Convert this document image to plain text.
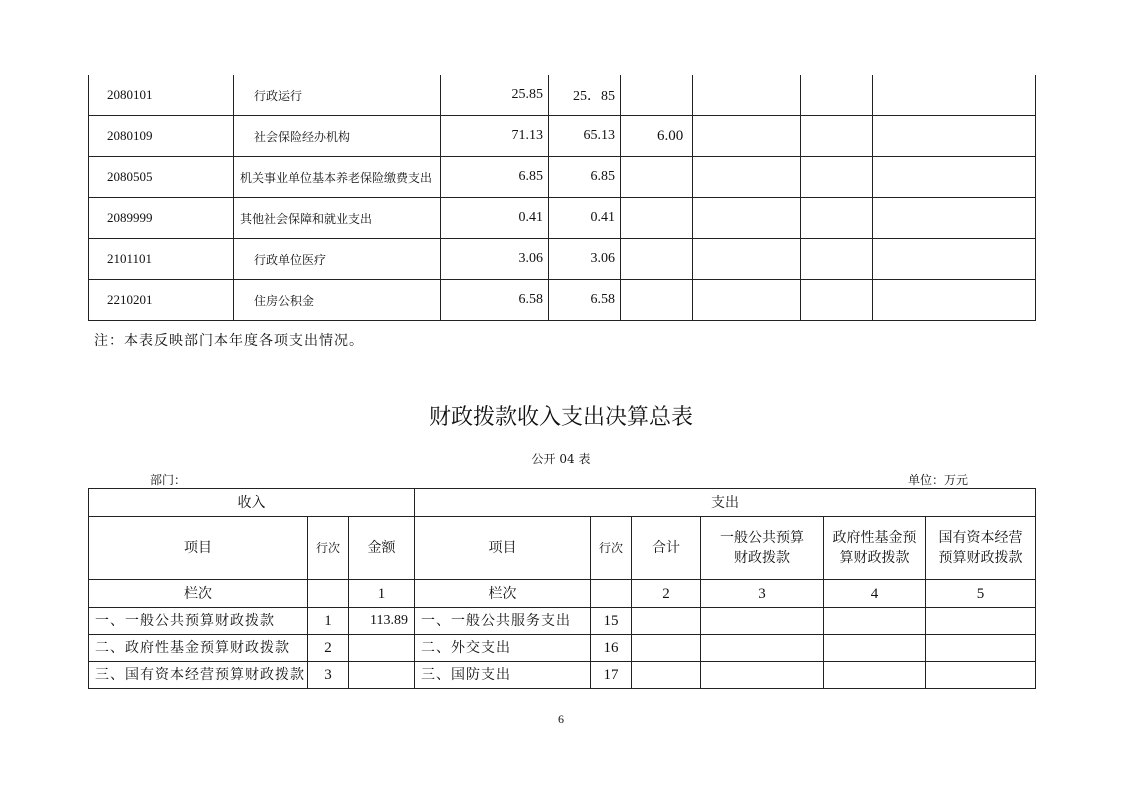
2080101	行政运行	25.85	25．85				
2080109	社会保险经办机构	71.13	65.13	6.00			
2080505	机关事业单位基本养老保险缴费支出	6.85	6.85				
2089999	其他社会保障和就业支出	0.41	0.41				
2101101	行政单位医疗	3.06	3.06				
2210201	住房公积金	6.58	6.58				
注：本表反映部门本年度各项支出情况。
财政拨款收入支出决算总表
公开 04 表
部门：	单位：万元
收入			支出					
项目	行次	金额	项目	行次	合计	一般公共预算财政拨款	政府性基金预算财政拨款	国有资本经营预算财政拨款
栏次		1	栏次		2	3	4	5
一、一般公共预算财政拨款	1	113.89	一、一般公共服务支出	15				
二、政府性基金预算财政拨款	2		二、外交支出	16				
三、国有资本经营预算财政拨款	3		三、国防支出	17				
6
